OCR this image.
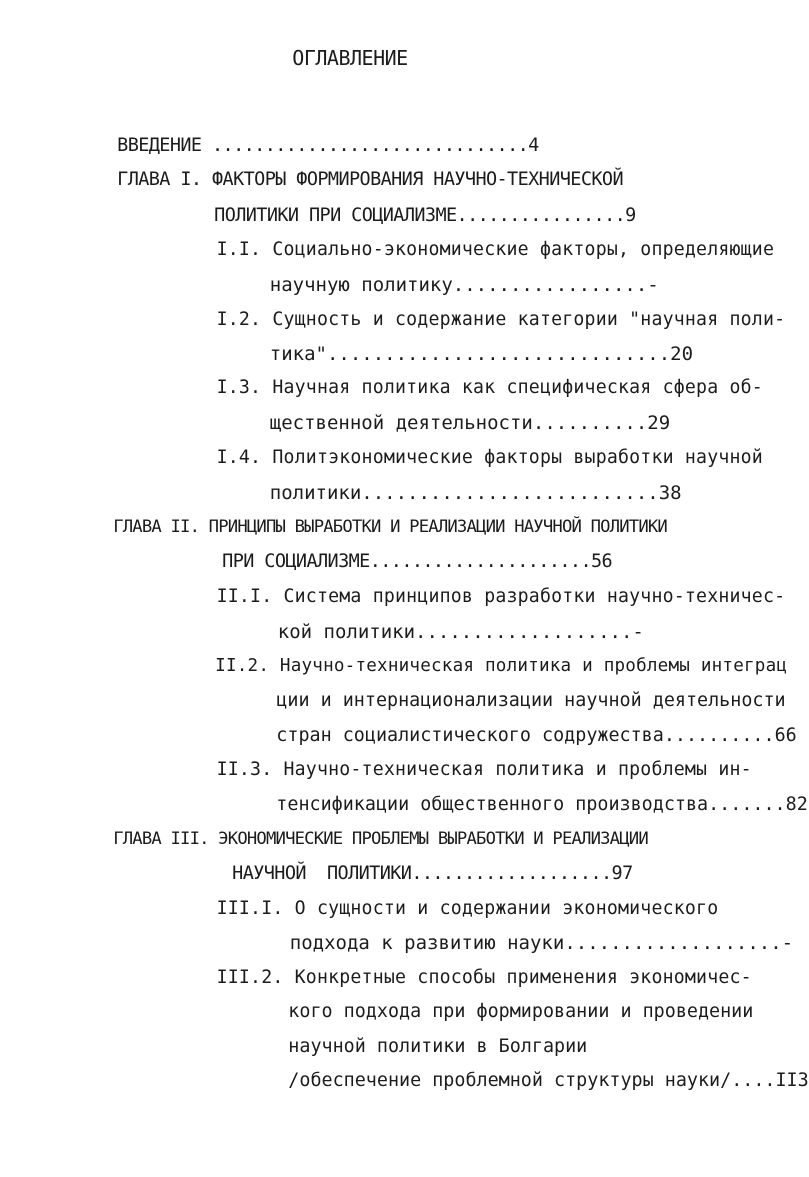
ОГЛАВЛЕНИЕ

ВВЕДЕНИЕ ..............................4

ГЛАВА I. ФАКТОРЫ ФОРМИРОВАНИЯ НАУЧНО-ТЕХНИЧЕСКОЙ

ПОЛИТИКИ ПРИ СОЦИАЛИЗМЕ................9

I.I. Социально-экономические факторы, определяющие

научную политику.................-

I.2. Сущность и содержание категории "научная поли-

тика"..............................20

I.3. Научная политика как специфическая сфера об-

щественной деятельности..........29

I.4. Политэкономические факторы выработки научной

политики..........................38

ГЛАВА II. ПРИНЦИПЫ ВЫРАБОТКИ И РЕАЛИЗАЦИИ НАУЧНОЙ ПОЛИТИКИ

ПРИ СОЦИАЛИЗМЕ.....................56

II.I. Система принципов разработки научно-техничес-

кой политики...................-

II.2. Научно-техническая политика и проблемы интеграц

ции и интернационализации научной деятельности

стран социалистического содружества..........66

II.3. Научно-техническая политика и проблемы ин-

тенсификации общественного производства.......82

ГЛАВА III. ЭКОНОМИЧЕСКИЕ ПРОБЛЕМЫ ВЫРАБОТКИ И РЕАЛИЗАЦИИ

НАУЧНОЙ  ПОЛИТИКИ...................97

III.I. О сущности и содержании экономического

подхода к развитию науки...................-

III.2. Конкретные способы применения экономичес-

кого подхода при формировании и проведении

научной политики в Болгарии

/обеспечение проблемной структуры науки/....II3
